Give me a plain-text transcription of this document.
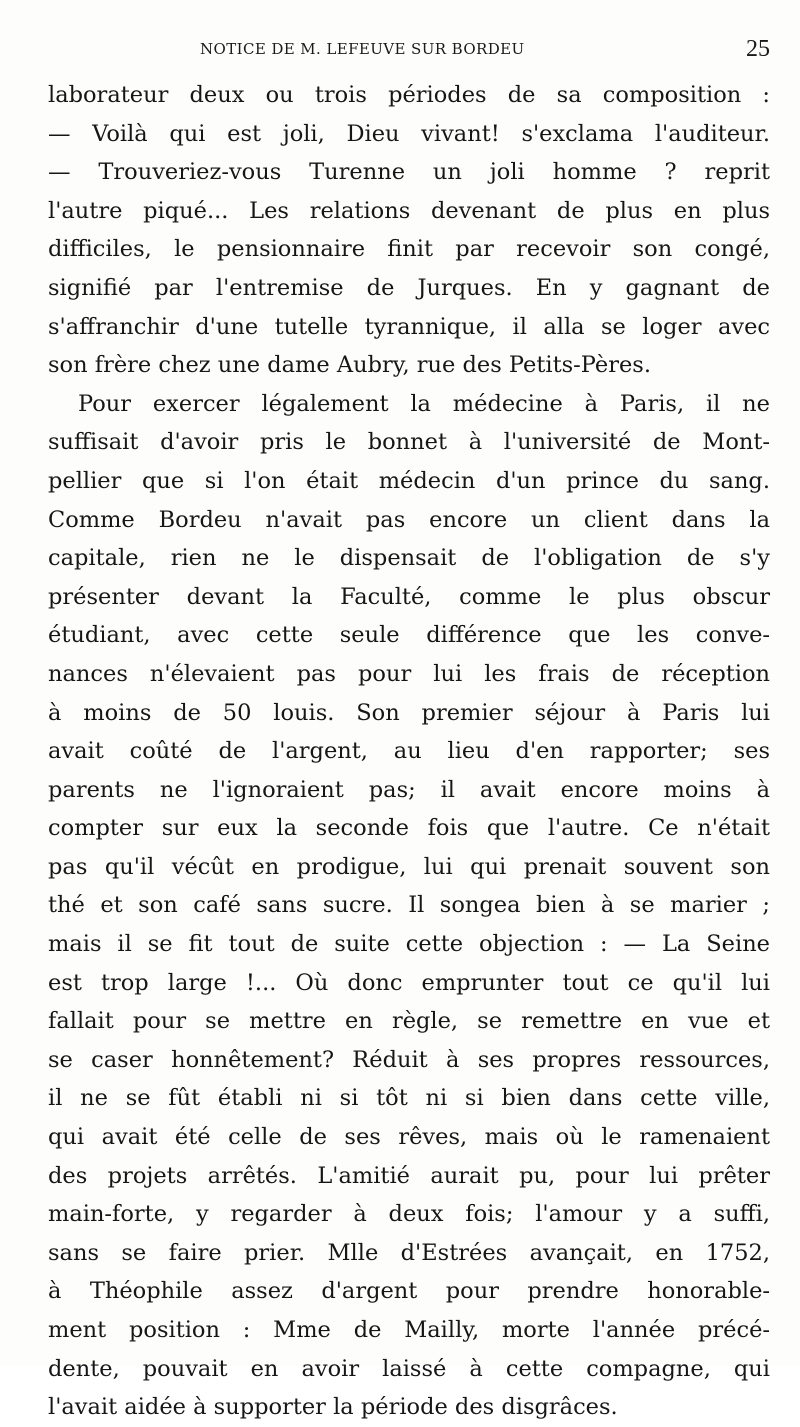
NOTICE DE M. LEFEUVE SUR BORDEU	25
laborateur deux ou trois périodes de sa composition :
— Voilà qui est joli, Dieu vivant! s'exclama l'auditeur.
— Trouveriez-vous Turenne un joli homme ? reprit
l'autre piqué... Les relations devenant de plus en plus
difficiles, le pensionnaire finit par recevoir son congé,
signifié par l'entremise de Jurques. En y gagnant de
s'affranchir d'une tutelle tyrannique, il alla se loger avec
son frère chez une dame Aubry, rue des Petits-Pères.
Pour exercer légalement la médecine à Paris, il ne
suffisait d'avoir pris le bonnet à l'université de Mont-
pellier que si l'on était médecin d'un prince du sang.
Comme Bordeu n'avait pas encore un client dans la
capitale, rien ne le dispensait de l'obligation de s'y
présenter devant la Faculté, comme le plus obscur
étudiant, avec cette seule différence que les conve-
nances n'élevaient pas pour lui les frais de réception
à moins de 50 louis. Son premier séjour à Paris lui
avait coûté de l'argent, au lieu d'en rapporter; ses
parents ne l'ignoraient pas; il avait encore moins à
compter sur eux la seconde fois que l'autre. Ce n'était
pas qu'il vécût en prodigue, lui qui prenait souvent son
thé et son café sans sucre. Il songea bien à se marier ;
mais il se fit tout de suite cette objection : — La Seine
est trop large !... Où donc emprunter tout ce qu'il lui
fallait pour se mettre en règle, se remettre en vue et
se caser honnêtement? Réduit à ses propres ressources,
il ne se fût établi ni si tôt ni si bien dans cette ville,
qui avait été celle de ses rêves, mais où le ramenaient
des projets arrêtés. L'amitié aurait pu, pour lui prêter
main-forte, y regarder à deux fois; l'amour y a suffi,
sans se faire prier. Mlle d'Estrées avançait, en 1752,
à Théophile assez d'argent pour prendre honorable-
ment position : Mme de Mailly, morte l'année précé-
dente, pouvait en avoir laissé à cette compagne, qui
l'avait aidée à supporter la période des disgrâces.
